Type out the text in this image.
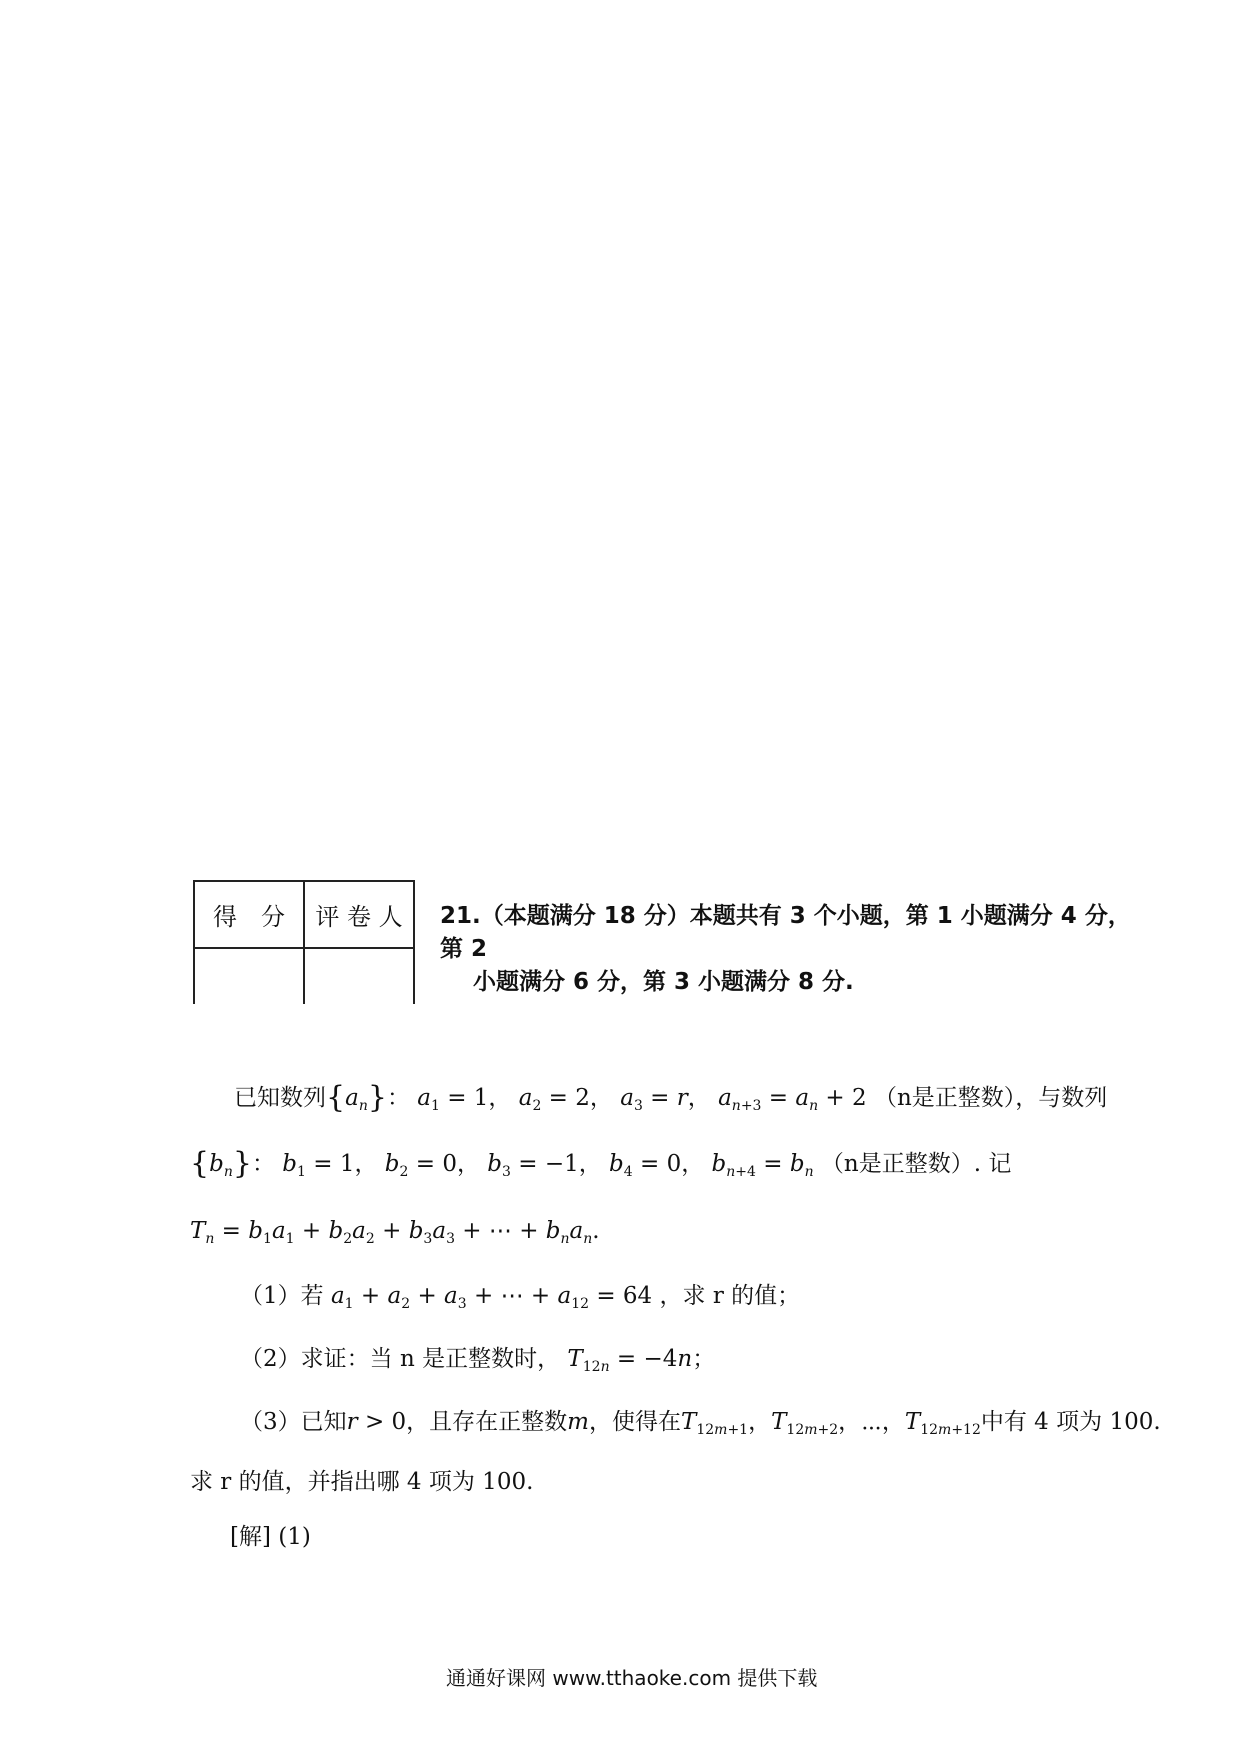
得　分	评 卷 人
	21.（本题满分 18 分）本题共有 3 个小题，第 1 小题满分 4 分，
第 2
小题满分 6 分，第 3 小题满分 8 分.
已知数列$\{a_n\}$： $a_1 = 1$， $a_2 = 2$， $a_3 = r$， $a_{n+3} = a_n + 2$ （n是正整数），与数列
$\{b_n\}$： $b_1 = 1$， $b_2 = 0$， $b_3 = -1$， $b_4 = 0$， $b_{n+4} = b_n$ （n是正整数）. 记
$T_n = b_1a_1 + b_2a_2 + b_3a_3$ + ⋯ + $b_na_n$.
（1）若 $a_1 + a_2 + a_3$ + ⋯ + $a_{12} = 64$ ，求 r 的值；
（2）求证：当 n 是正整数时， $T_{12n} = -4n$；
（3）已知r > 0，且存在正整数m，使得在$T_{12m+1}$，$T_{12m+2}$，⋯，$T_{12m+12}$中有 4 项为 100.
求 r 的值，并指出哪 4 项为 100.
[解] (1)
通通好课网 www.tthaoke.com 提供下载
